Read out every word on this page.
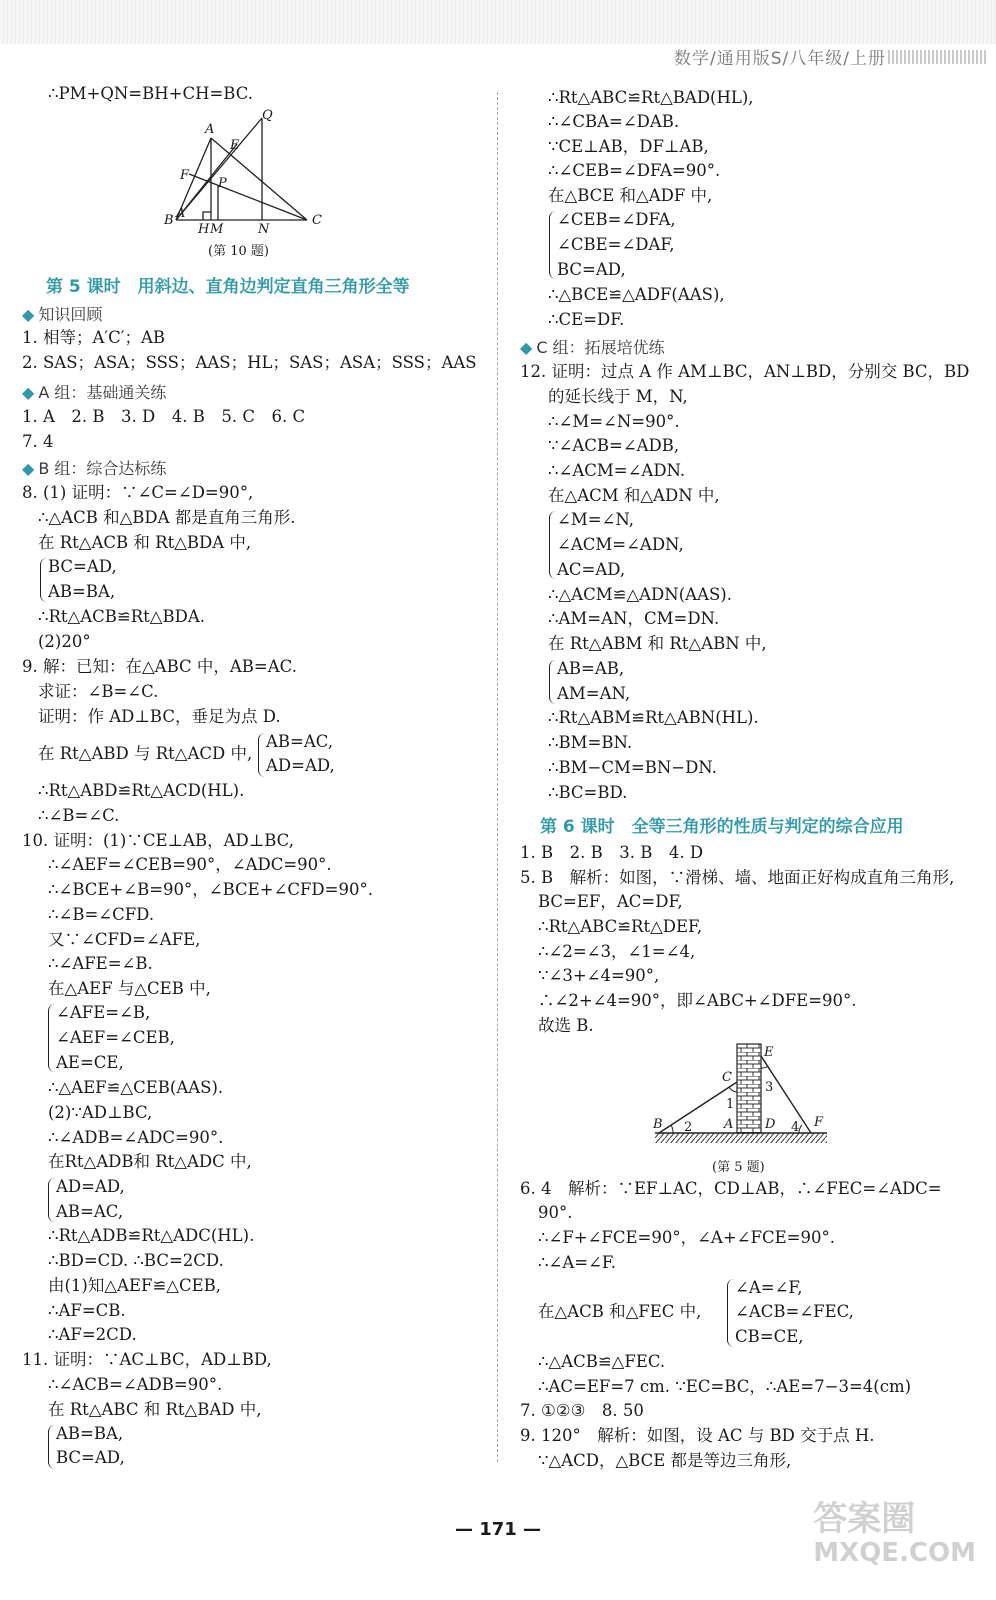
数学/通用版S/八年级/上册
∴PM+QN=BH+CH=BC.
A
A
Q
E
F
P
B
H M	N
C
(第 10 题)
第 5 课时　用斜边、直角边判定直角三角形全等
◆ 知识回顾
1. 相等；A′C′；AB
2. SAS；ASA；SSS；AAS；HL；SAS；ASA；SSS；AAS
◆ A 组：基础通关练
1. A　2. B　3. D　4. B　5. C　6. C
7. 4
◆ B 组：综合达标练
8. (1) 证明：∵∠C=∠D=90°,
∴△ACB 和△BDA 都是直角三角形.
在 Rt△ACB 和 Rt△BDA 中,
BC=AD,
AB=BA,
∴Rt△ACB≌Rt△BDA.
(2)20°
9. 解：已知：在△ABC 中，AB=AC.
求证：∠B=∠C.
证明：作 AD⊥BC，垂足为点 D.
在 Rt△ABD 与 Rt△ACD 中,
AB=AC,
AD=AD,
∴Rt△ABD≌Rt△ACD(HL).
∴∠B=∠C.
10. 证明：(1)∵CE⊥AB，AD⊥BC,
∴∠AEF=∠CEB=90°，∠ADC=90°.
∴∠BCE+∠B=90°，∠BCE+∠CFD=90°.
∴∠B=∠CFD.
又∵∠CFD=∠AFE,
∴∠AFE=∠B.
在△AEF 与△CEB 中,
∠AFE=∠B,
∠AEF=∠CEB,
AE=CE,
∴△AEF≌△CEB(AAS).
(2)∵AD⊥BC,
∴∠ADB=∠ADC=90°.
在Rt△ADB和 Rt△ADC 中,
AD=AD,
AB=AC,
∴Rt△ADB≌Rt△ADC(HL).
∴BD=CD. ∴BC=2CD.
由(1)知△AEF≌△CEB,
∴AF=CB.
∴AF=2CD.
11. 证明：∵AC⊥BC，AD⊥BD,
∴∠ACB=∠ADB=90°.
在 Rt△ABC 和 Rt△BAD 中,
AB=BA,
BC=AD,
∴Rt△ABC≌Rt△BAD(HL),
∴∠CBA=∠DAB.
∵CE⊥AB，DF⊥AB,
∴∠CEB=∠DFA=90°.
在△BCE 和△ADF 中,
∠CEB=∠DFA,
∠CBE=∠DAF,
BC=AD,
∴△BCE≌△ADF(AAS),
∴CE=DF.
◆ C 组：拓展培优练
12. 证明：过点 A 作 AM⊥BC，AN⊥BD，分别交 BC，BD
的延长线于 M，N,
∴∠M=∠N=90°.
∵∠ACB=∠ADB,
∴∠ACM=∠ADN.
在△ACM 和△ADN 中,
∠M=∠N,
∠ACM=∠ADN,
AC=AD,
∴△ACM≌△ADN(AAS).
∴AM=AN，CM=DN.
在 Rt△ABM 和 Rt△ABN 中,
AB=AB,
AM=AN,
∴Rt△ABM≌Rt△ABN(HL).
∴BM=BN.
∴BM−CM=BN−DN.
∴BC=BD.
第 6 课时　全等三角形的性质与判定的综合应用
1. B　2. B　3. B　4. D
5. B　解析：如图，∵滑梯、墙、地面正好构成直角三角形,
BC=EF，AC=DF,
∴Rt△ABC≌Rt△DEF,
∴∠2=∠3，∠1=∠4,
∵∠3+∠4=90°,
∴∠2+∠4=90°，即∠ABC+∠DFE=90°.
故选 B.
E
C
1
3
B 2 A D 4 F
(第 5 题)
6. 4　解析：∵EF⊥AC，CD⊥AB，∴∠FEC=∠ADC=
90°.
∴∠F+∠FCE=90°，∠A+∠FCE=90°.
∴∠A=∠F.
在△ACB 和△FEC 中,
∠A=∠F,
∠ACB=∠FEC,
CB=CE,
∴△ACB≌△FEC.
∴AC=EF=7 cm. ∵EC=BC，∴AE=7−3=4(cm)
7. ①②③　8. 50
9. 120°　解析：如图，设 AC 与 BD 交于点 H.
∵△ACD，△BCE 都是等边三角形,
— 171 —	答案圈
MXQE.COM
